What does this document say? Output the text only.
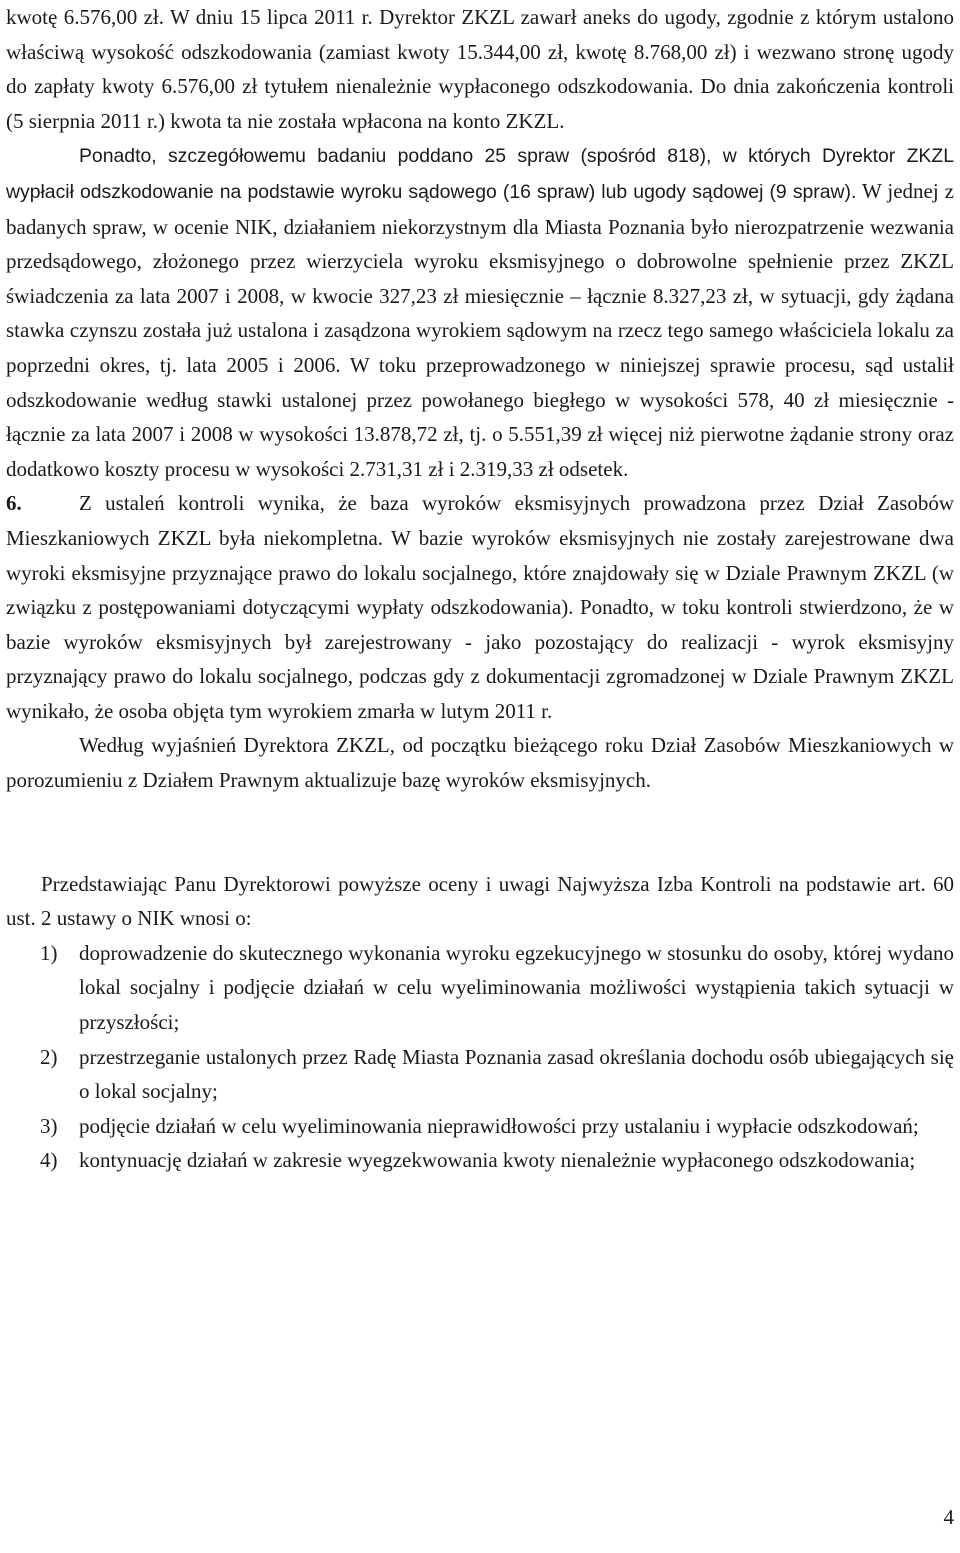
kwotę 6.576,00 zł. W dniu 15 lipca 2011 r. Dyrektor ZKZL zawarł aneks do ugody, zgodnie z którym ustalono właściwą wysokość odszkodowania (zamiast kwoty 15.344,00 zł, kwotę 8.768,00 zł) i wezwano stronę ugody do zapłaty kwoty 6.576,00 zł tytułem nienależnie wypłaconego odszkodowania. Do dnia zakończenia kontroli (5 sierpnia 2011 r.) kwota ta nie została wpłacona na konto ZKZL.

Ponadto, szczegółowemu badaniu poddano 25 spraw (spośród 818), w których Dyrektor ZKZL wypłacił odszkodowanie na podstawie wyroku sądowego (16 spraw) lub ugody sądowej (9 spraw). W jednej z badanych spraw, w ocenie NIK, działaniem niekorzystnym dla Miasta Poznania było nierozpatrzenie wezwania przedsądowego, złożonego przez wierzyciela wyroku eksmisyjnego o dobrowolne spełnienie przez ZKZL świadczenia za lata 2007 i 2008, w kwocie 327,23 zł miesięcznie – łącznie 8.327,23 zł, w sytuacji, gdy żądana stawka czynszu została już ustalona i zasądzona wyrokiem sądowym na rzecz tego samego właściciela lokalu za poprzedni okres, tj. lata 2005 i 2006. W toku przeprowadzonego w niniejszej sprawie procesu, sąd ustalił odszkodowanie według stawki ustalonej przez powołanego biegłego w wysokości 578, 40 zł miesięcznie - łącznie za lata 2007 i 2008 w wysokości 13.878,72 zł, tj. o 5.551,39 zł więcej niż pierwotne żądanie strony oraz dodatkowo koszty procesu w wysokości 2.731,31 zł i 2.319,33 zł odsetek.

6.	Z ustaleń kontroli wynika, że baza wyroków eksmisyjnych prowadzona przez Dział Zasobów Mieszkaniowych ZKZL była niekompletna. W bazie wyroków eksmisyjnych nie zostały zarejestrowane dwa wyroki eksmisyjne przyznające prawo do lokalu socjalnego, które znajdowały się w Dziale Prawnym ZKZL (w związku z postępowaniami dotyczącymi wypłaty odszkodowania). Ponadto, w toku kontroli stwierdzono, że w bazie wyroków eksmisyjnych był zarejestrowany - jako pozostający do realizacji - wyrok eksmisyjny przyznający prawo do lokalu socjalnego, podczas gdy z dokumentacji zgromadzonej w Dziale Prawnym ZKZL wynikało, że osoba objęta tym wyrokiem zmarła w lutym 2011 r.

Według wyjaśnień Dyrektora ZKZL, od początku bieżącego roku Dział Zasobów Mieszkaniowych w porozumieniu z Działem Prawnym aktualizuje bazę wyroków eksmisyjnych.

Przedstawiając Panu Dyrektorowi powyższe oceny i uwagi Najwyższa Izba Kontroli na podstawie art. 60 ust. 2 ustawy o NIK wnosi o:

1)	doprowadzenie do skutecznego wykonania wyroku egzekucyjnego w stosunku do osoby, której wydano lokal socjalny i podjęcie działań w celu wyeliminowania możliwości wystąpienia takich sytuacji w przyszłości;
2)	przestrzeganie ustalonych przez Radę Miasta Poznania zasad określania dochodu osób ubiegających się o lokal socjalny;
3)	podjęcie działań w celu wyeliminowania nieprawidłowości przy ustalaniu i wypłacie odszkodowań;
4)	kontynuację działań w zakresie wyegzekwowania kwoty nienależnie wypłaconego odszkodowania;
4
